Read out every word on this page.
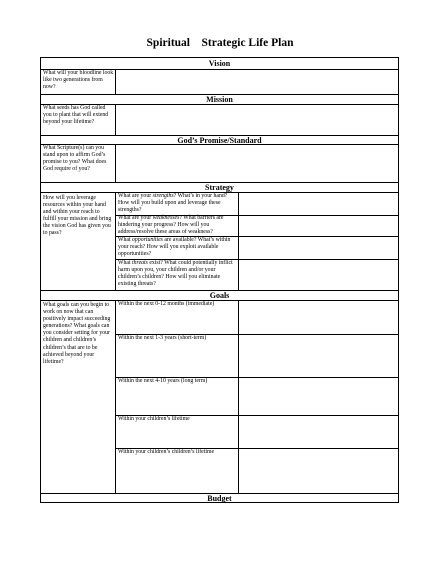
Spiritual    Strategic Life Plan
Vision
What will your bloodline look like two generations from now?
Mission
What seeds has God called you to plant that will extend beyond your lifetime?
God’s Promise/Standard
What Scripture(s) can you stand upon to affirm God’s promise to you? What does God require of you?
Strategy
How will you leverage resources within your hand and within your reach to fulfill your mission and bring the vision God has given you to pass?
What are your strengths? What’s in your hand? How will you build upon and leverage these strengths?
What are your weaknesses? What barriers are hindering your progress? How will you address/resolve these areas of weakness?
What opportunities are available? What’s within your reach? How will you exploit available opportunities?
What threats exist? What could potentially inflict harm upon you, your children and/or your children’s children? How will you eliminate existing threats?
Goals
What goals can you begin to work on now that can positively impact succeeding generations? What goals can you consider setting for your children and children’s children’s that are to be achieved beyond your lifetime?
Within the next 0-12 months (immediate)
Within the next 1-3 years (short-term)
Within the next 4-10 years (long term)
Within your children’s lifetime
Within your children’s children’s lifetime
Budget
